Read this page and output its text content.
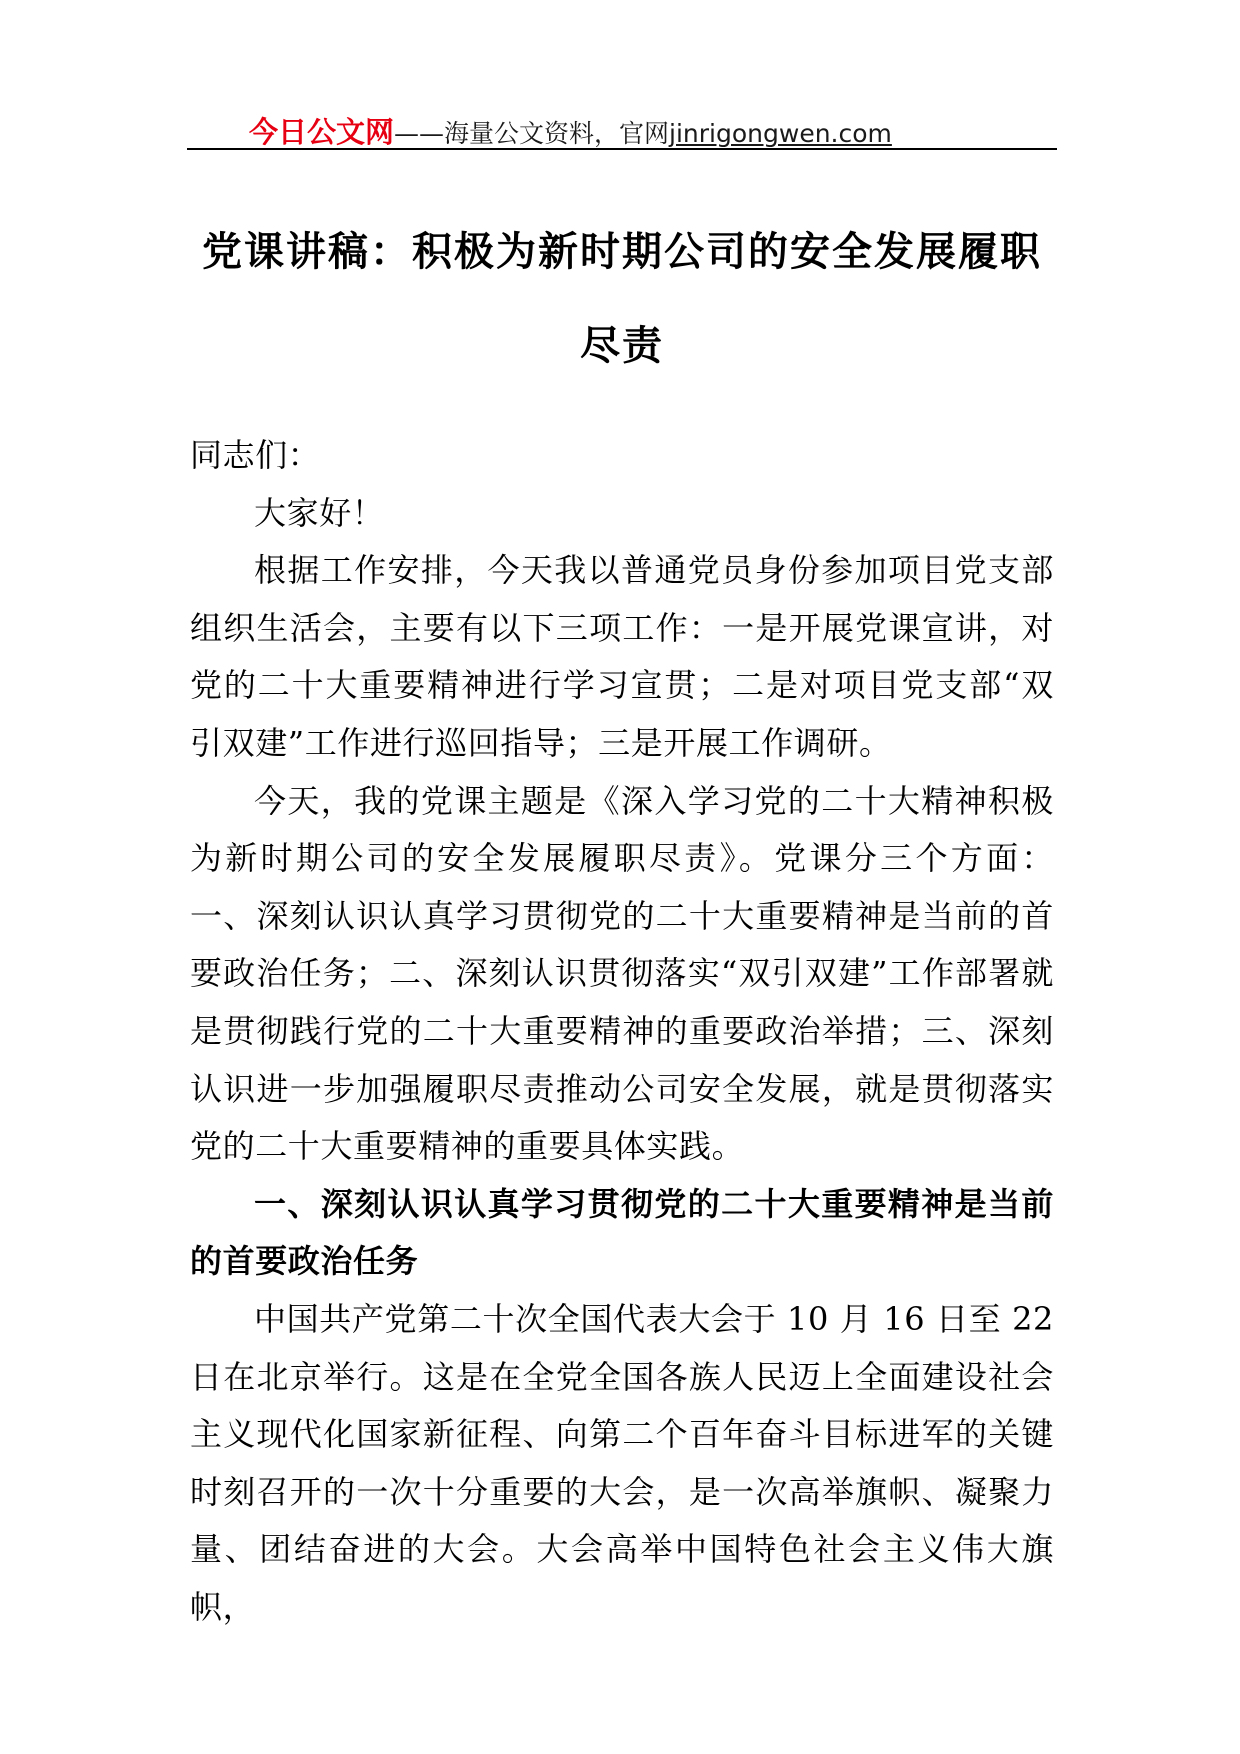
今日公文网——海量公文资料，官网jinrigongwen.com
党课讲稿：积极为新时期公司的安全发展履职尽责

同志们：

大家好！

根据工作安排，今天我以普通党员身份参加项目党支部组织生活会，主要有以下三项工作：一是开展党课宣讲，对党的二十大重要精神进行学习宣贯；二是对项目党支部“双引双建”工作进行巡回指导；三是开展工作调研。

今天，我的党课主题是《深入学习党的二十大精神积极为新时期公司的安全发展履职尽责》。党课分三个方面：一、深刻认识认真学习贯彻党的二十大重要精神是当前的首要政治任务；二、深刻认识贯彻落实“双引双建”工作部署就是贯彻践行党的二十大重要精神的重要政治举措；三、深刻认识进一步加强履职尽责推动公司安全发展，就是贯彻落实党的二十大重要精神的重要具体实践。

一、深刻认识认真学习贯彻党的二十大重要精神是当前的首要政治任务

中国共产党第二十次全国代表大会于 10 月 16 日至 22 日在北京举行。这是在全党全国各族人民迈上全面建设社会主义现代化国家新征程、向第二个百年奋斗目标进军的关键时刻召开的一次十分重要的大会，是一次高举旗帜、凝聚力量、团结奋进的大会。大会高举中国特色社会主义伟大旗帜，
